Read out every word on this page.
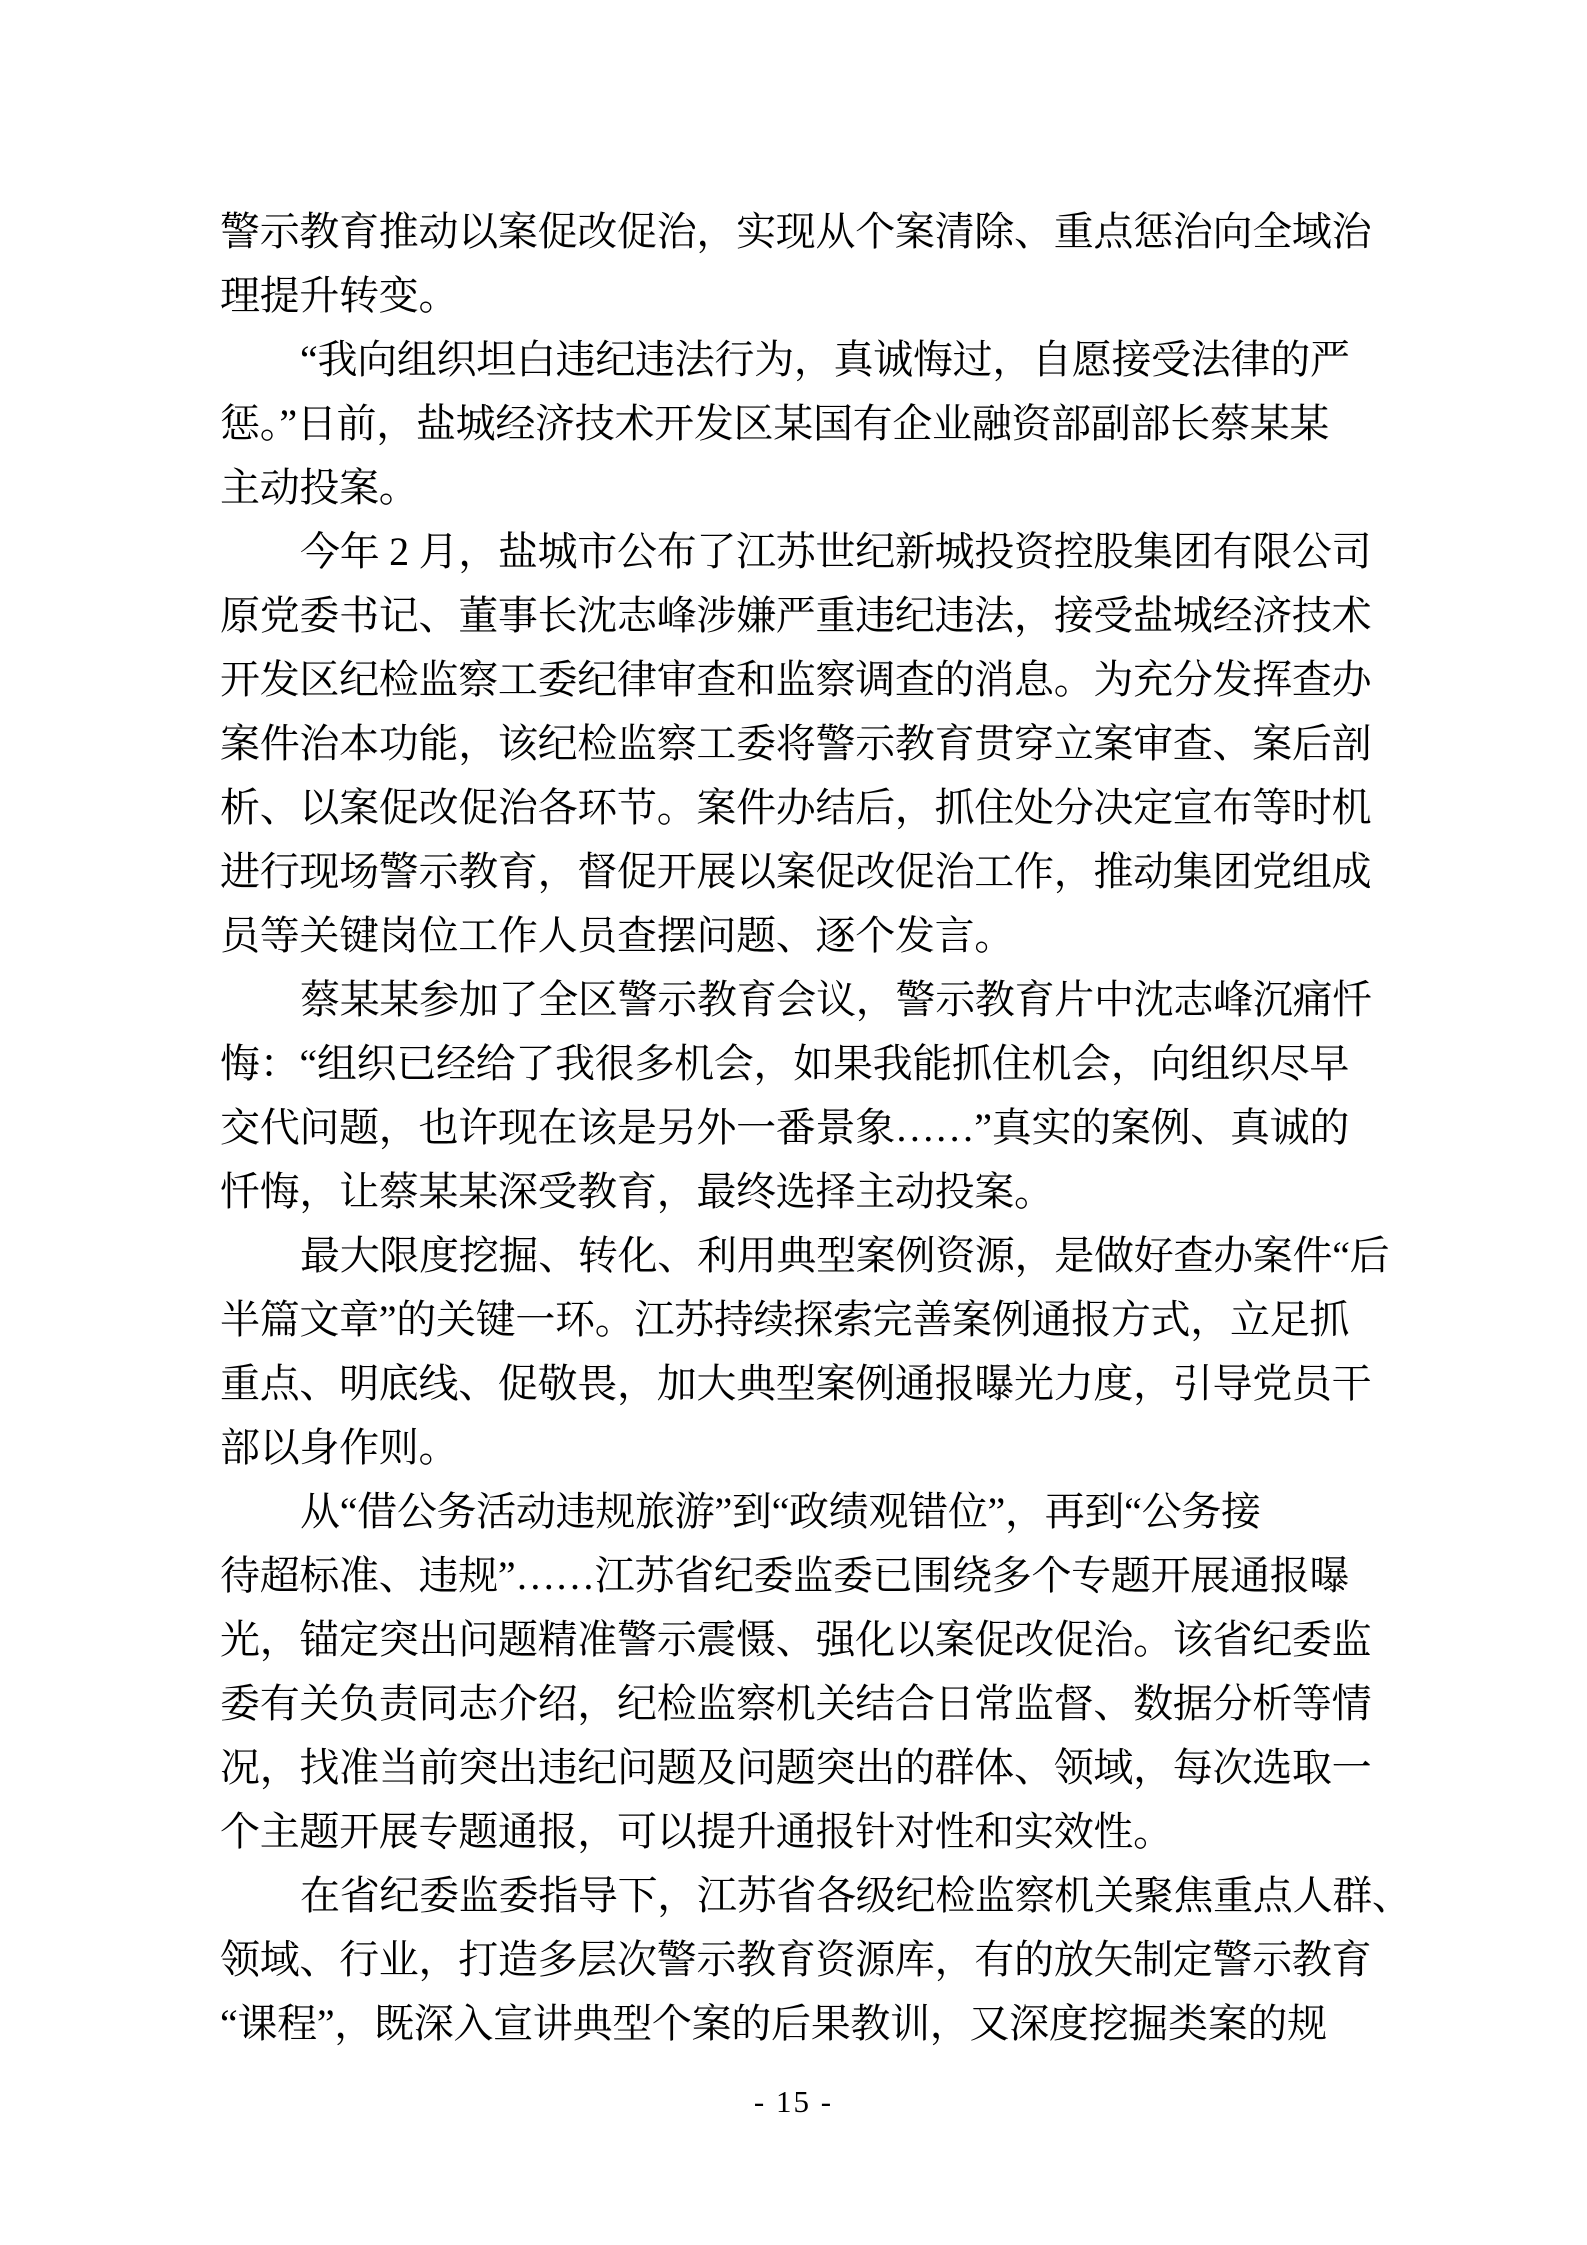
警示教育推动以案促改促治，实现从个案清除、重点惩治向全域治
理提升转变。
“我向组织坦白违纪违法行为，真诚悔过，自愿接受法律的严
惩。”日前，盐城经济技术开发区某国有企业融资部副部长蔡某某
主动投案。
今年 2 月，盐城市公布了江苏世纪新城投资控股集团有限公司
原党委书记、董事长沈志峰涉嫌严重违纪违法，接受盐城经济技术
开发区纪检监察工委纪律审查和监察调查的消息。为充分发挥查办
案件治本功能，该纪检监察工委将警示教育贯穿立案审查、案后剖
析、以案促改促治各环节。案件办结后，抓住处分决定宣布等时机
进行现场警示教育，督促开展以案促改促治工作，推动集团党组成
员等关键岗位工作人员查摆问题、逐个发言。
蔡某某参加了全区警示教育会议，警示教育片中沈志峰沉痛忏
悔：“组织已经给了我很多机会，如果我能抓住机会，向组织尽早
交代问题，也许现在该是另外一番景象……”真实的案例、真诚的
忏悔，让蔡某某深受教育，最终选择主动投案。
最大限度挖掘、转化、利用典型案例资源，是做好查办案件“后
半篇文章”的关键一环。江苏持续探索完善案例通报方式，立足抓
重点、明底线、促敬畏，加大典型案例通报曝光力度，引导党员干
部以身作则。
从“借公务活动违规旅游”到“政绩观错位”，再到“公务接
待超标准、违规”……江苏省纪委监委已围绕多个专题开展通报曝
光，锚定突出问题精准警示震慑、强化以案促改促治。该省纪委监
委有关负责同志介绍，纪检监察机关结合日常监督、数据分析等情
况，找准当前突出违纪问题及问题突出的群体、领域，每次选取一
个主题开展专题通报，可以提升通报针对性和实效性。
在省纪委监委指导下，江苏省各级纪检监察机关聚焦重点人群、
领域、行业，打造多层次警示教育资源库，有的放矢制定警示教育
“课程”，既深入宣讲典型个案的后果教训，又深度挖掘类案的规
- 15 -
